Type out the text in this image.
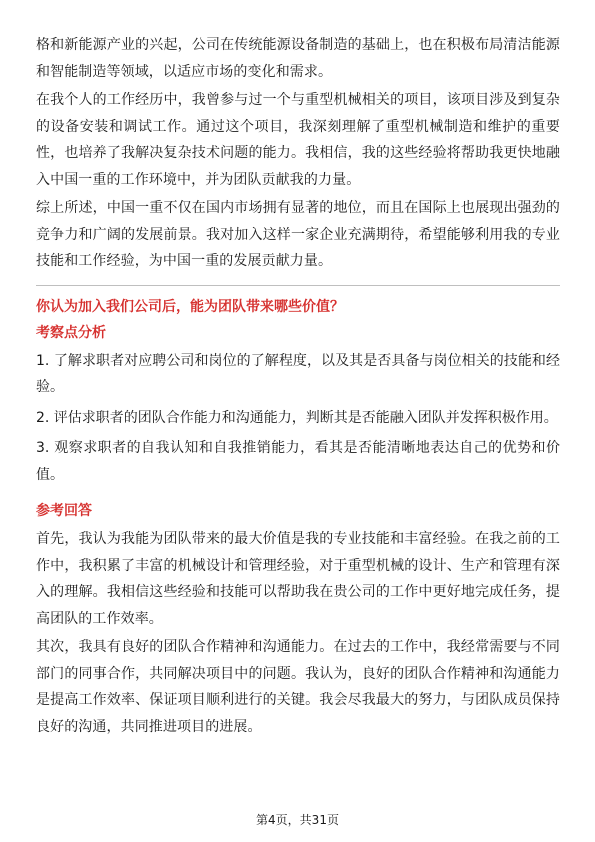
格和新能源产业的兴起，公司在传统能源设备制造的基础上，也在积极布局清洁能源和智能制造等领域，以适应市场的变化和需求。

在我个人的工作经历中，我曾参与过一个与重型机械相关的项目，该项目涉及到复杂的设备安装和调试工作。通过这个项目，我深刻理解了重型机械制造和维护的重要性，也培养了我解决复杂技术问题的能力。我相信，我的这些经验将帮助我更快地融入中国一重的工作环境中，并为团队贡献我的力量。

综上所述，中国一重不仅在国内市场拥有显著的地位，而且在国际上也展现出强劲的竞争力和广阔的发展前景。我对加入这样一家企业充满期待，希望能够利用我的专业技能和工作经验，为中国一重的发展贡献力量。

你认为加入我们公司后，能为团队带来哪些价值？
考察点分析
1. 了解求职者对应聘公司和岗位的了解程度，以及其是否具备与岗位相关的技能和经验。
2. 评估求职者的团队合作能力和沟通能力，判断其是否能融入团队并发挥积极作用。
3. 观察求职者的自我认知和自我推销能力，看其是否能清晰地表达自己的优势和价值。
参考回答

首先，我认为我能为团队带来的最大价值是我的专业技能和丰富经验。在我之前的工作中，我积累了丰富的机械设计和管理经验，对于重型机械的设计、生产和管理有深入的理解。我相信这些经验和技能可以帮助我在贵公司的工作中更好地完成任务，提高团队的工作效率。

其次，我具有良好的团队合作精神和沟通能力。在过去的工作中，我经常需要与不同部门的同事合作，共同解决项目中的问题。我认为，良好的团队合作精神和沟通能力是提高工作效率、保证项目顺利进行的关键。我会尽我最大的努力，与团队成员保持良好的沟通，共同推进项目的进展。

第4页，共31页
